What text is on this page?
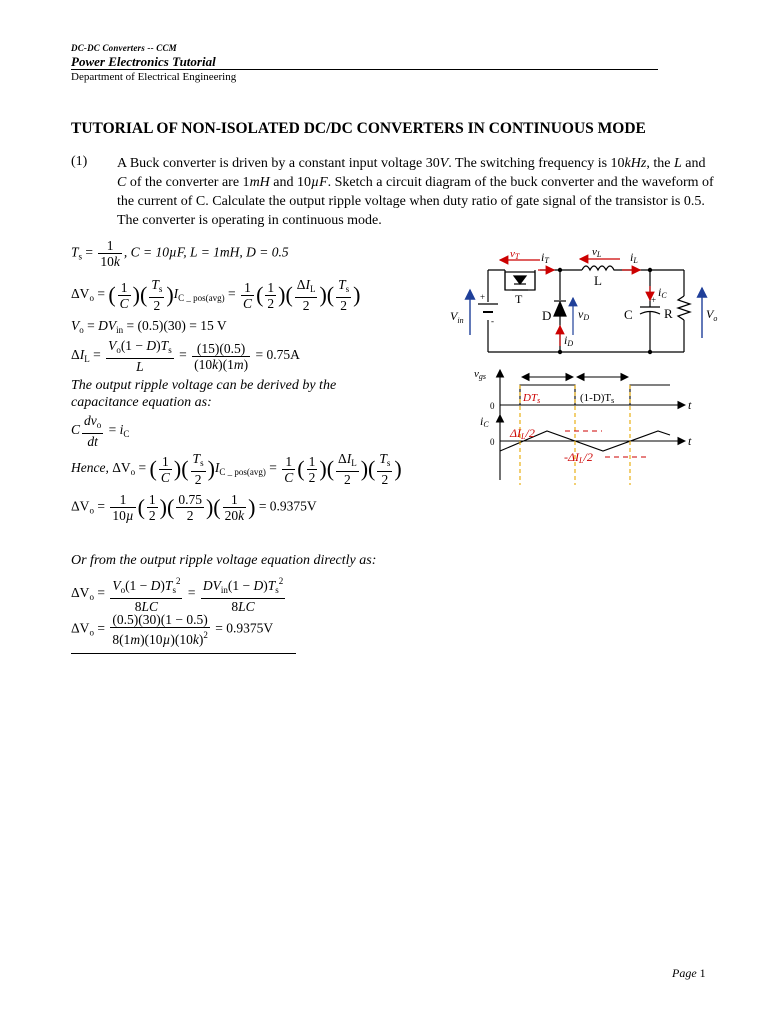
DC-DC Converters -- CCM
Power Electronics Tutorial
Department of Electrical Engineering
TUTORIAL OF NON-ISOLATED DC/DC CONVERTERS IN CONTINUOUS MODE
(1) A Buck converter is driven by a constant input voltage 30V. The switching frequency is 10kHz, the L and C of the converter are 1mH and 10µF. Sketch a circuit diagram of the buck converter and the waveform of the current of C. Calculate the output ripple voltage when duty ratio of gate signal of the transistor is 0.5. The converter is operating in continuous mode.
$T_s = \frac{1}{10k}$ , C = 10µF, L = 1mH, D = 0.5
$\Delta V_o$ = ( $\frac{1}{C}$ )( $\frac{T_s}{2} )I_{C \_ pos(avg)} = \frac{1}{C}$ ( $\frac{1}{2}$ )( $\frac{\Delta I_L}{2}$ )( $\frac{T_s}{2}$ )
$V_o = DV_{in} = (0.5)(30) = 15$ V
$\Delta I_L = \frac{V_o(1 - D)T_s}{L} = \frac{(15)(0.5)}{(10k)(1m)} = 0.75A$
The output ripple voltage can be derived by the
capacitance equation as:
C $\frac{dv_o}{dt} = i_C$
Hence, $\Delta V_o$ = ( $\frac{1}{C}$ )( $\frac{T_s}{2} )I_{C \_ pos(avg)} = \frac{1}{C}$ ( $\frac{1}{2}$ )( $\frac{\Delta I_L}{2}$ )( $\frac{T_s}{2}$ )
$\Delta V_o = \frac{1}{\text{10µ}}$ ( $\frac{1}{2}$ )( $\frac{0.75}{2}$ )( $\frac{1}{20k}$ ) = 0.9375V
Or from the output ripple voltage equation directly as:
$\Delta V_o = \frac{V_o(1 - D)T_s^2}{8LC} = \frac{DV_{in}(1 - D)T_s^2}{8LC}$
$\Delta V_o = \frac{(0.5)(30)(1 - 0.5)}{8(1m)(10\mu)(10k)^2} = 0.9375V$
vT iT
vL iL
L
iC
T
+
-
$V_{in}$	D vD	C
+
R	$V_o$
iD
vgs
0
DTs	(1-D)Ts	t
iC
0
ΔIL/2
t
-ΔIL/2
Page 1
